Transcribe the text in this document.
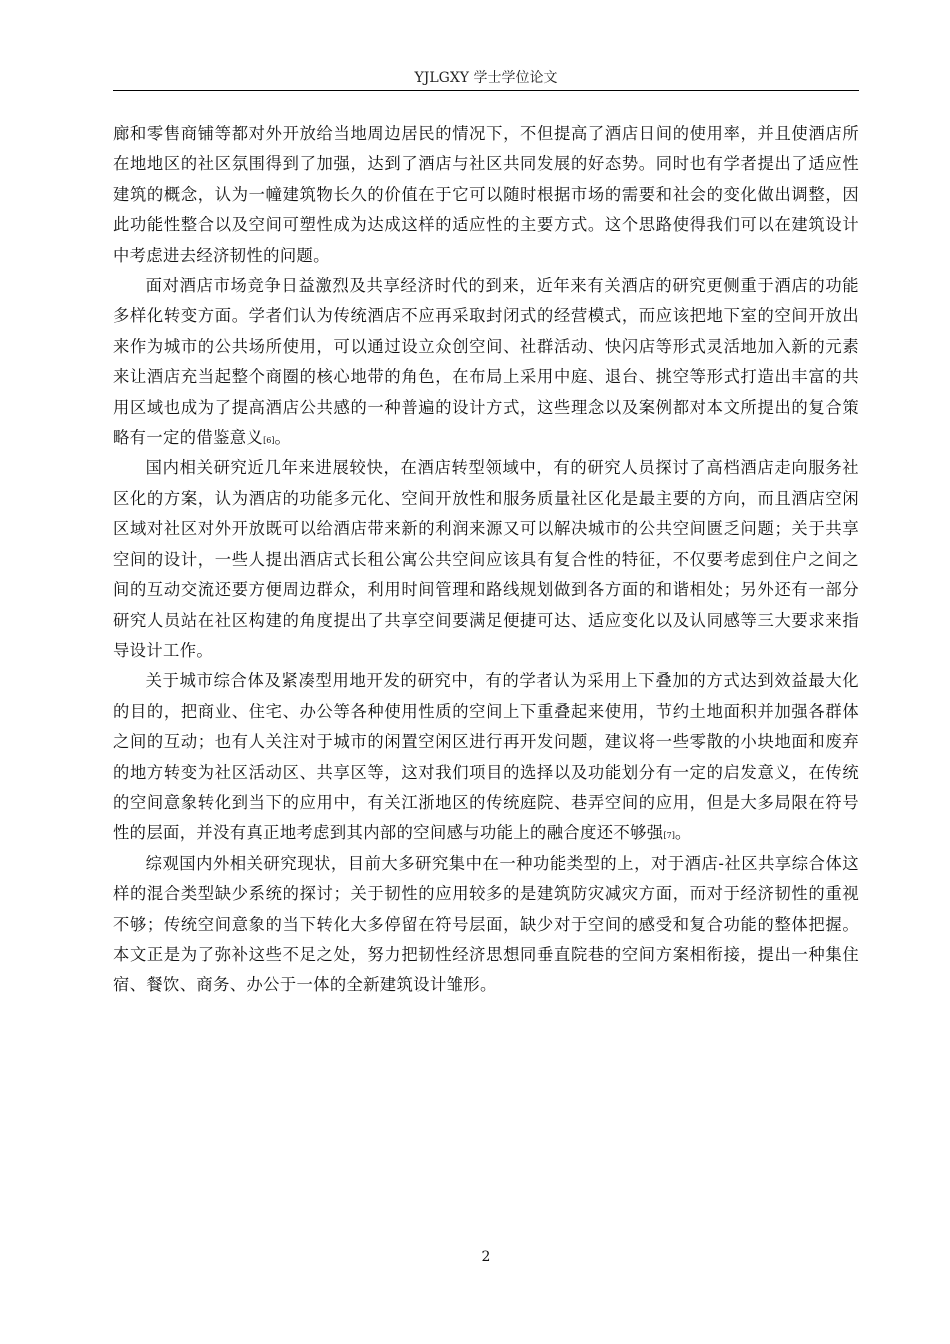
YJLGXY 学士学位论文

廊和零售商铺等都对外开放给当地周边居民的情况下，不但提高了酒店日间的使用率，并且使酒店所在地地区的社区氛围得到了加强，达到了酒店与社区共同发展的好态势。同时也有学者提出了适应性建筑的概念，认为一幢建筑物长久的价值在于它可以随时根据市场的需要和社会的变化做出调整，因此功能性整合以及空间可塑性成为达成这样的适应性的主要方式。这个思路使得我们可以在建筑设计中考虑进去经济韧性的问题。

面对酒店市场竞争日益激烈及共享经济时代的到来，近年来有关酒店的研究更侧重于酒店的功能多样化转变方面。学者们认为传统酒店不应再采取封闭式的经营模式，而应该把地下室的空间开放出来作为城市的公共场所使用，可以通过设立众创空间、社群活动、快闪店等形式灵活地加入新的元素来让酒店充当起整个商圈的核心地带的角色，在布局上采用中庭、退台、挑空等形式打造出丰富的共用区域也成为了提高酒店公共感的一种普遍的设计方式，这些理念以及案例都对本文所提出的复合策略有一定的借鉴意义[6]。

国内相关研究近几年来进展较快，在酒店转型领域中，有的研究人员探讨了高档酒店走向服务社区化的方案，认为酒店的功能多元化、空间开放性和服务质量社区化是最主要的方向，而且酒店空闲区域对社区对外开放既可以给酒店带来新的利润来源又可以解决城市的公共空间匮乏问题；关于共享空间的设计，一些人提出酒店式长租公寓公共空间应该具有复合性的特征，不仅要考虑到住户之间之间的互动交流还要方便周边群众，利用时间管理和路线规划做到各方面的和谐相处；另外还有一部分研究人员站在社区构建的角度提出了共享空间要满足便捷可达、适应变化以及认同感等三大要求来指导设计工作。

关于城市综合体及紧凑型用地开发的研究中，有的学者认为采用上下叠加的方式达到效益最大化的目的，把商业、住宅、办公等各种使用性质的空间上下重叠起来使用，节约土地面积并加强各群体之间的互动；也有人关注对于城市的闲置空闲区进行再开发问题，建议将一些零散的小块地面和废弃的地方转变为社区活动区、共享区等，这对我们项目的选择以及功能划分有一定的启发意义，在传统的空间意象转化到当下的应用中，有关江浙地区的传统庭院、巷弄空间的应用，但是大多局限在符号性的层面，并没有真正地考虑到其内部的空间感与功能上的融合度还不够强[7]。

综观国内外相关研究现状，目前大多研究集中在一种功能类型的上，对于酒店-社区共享综合体这样的混合类型缺少系统的探讨；关于韧性的应用较多的是建筑防灾减灾方面，而对于经济韧性的重视不够；传统空间意象的当下转化大多停留在符号层面，缺少对于空间的感受和复合功能的整体把握。本文正是为了弥补这些不足之处，努力把韧性经济思想同垂直院巷的空间方案相衔接，提出一种集住宿、餐饮、商务、办公于一体的全新建筑设计雏形。

2
